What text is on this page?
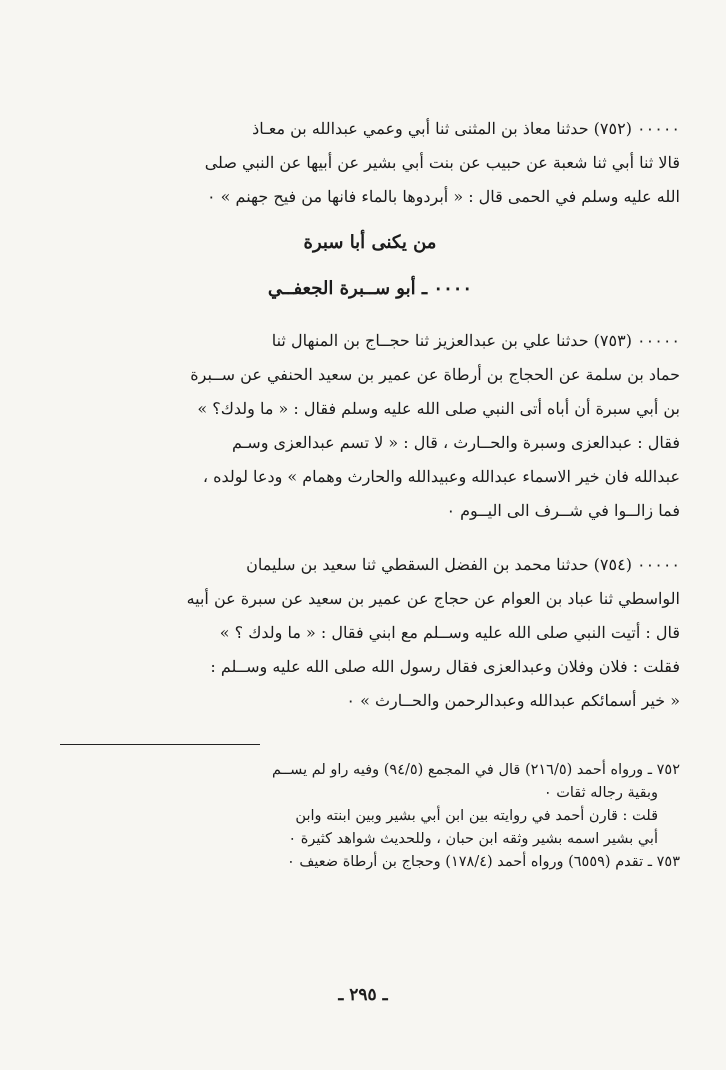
٠٠٠٠٠ (٧٥٢) حدثنا معاذ بن المثنى ثنا أبي وعمي عبدالله بن معـاذ

قالا ثنا أبي ثنا شعبة عن حبيب عن بنت أبي بشير عن أبيها عن النبي صلى

الله عليه وسلم في الحمى قال : « أبردوها بالماء فانها من فيح جهنم » ٠

من يكنى أبا سبرة
٠٠٠٠ ـ أبو ســبرة الجعفــي

٠٠٠٠٠ (٧٥٣) حدثنا علي بن عبدالعزيز ثنا حجــاج بن المنهال ثنا

حماد بن سلمة عن الحجاج بن أرطاة عن عمير بن سعيد الحنفي عن ســبرة

بن أبي سبرة أن أباه أتى النبي صلى الله عليه وسلم فقال : « ما ولدك؟ »

فقال : عبدالعزى وسبرة والحــارث ، قال : « لا تسم عبدالعزى وسـم

عبدالله فان خير الاسماء عبدالله وعبيدالله والحارث وهمام » ودعا لولده ،

فما زالــوا في شــرف الى اليــوم ٠

٠٠٠٠٠ (٧٥٤) حدثنا محمد بن الفضل السقطي ثنا سعيد بن سليمان

الواسطي ثنا عباد بن العوام عن حجاج عن عمير بن سعيد عن سبرة عن أبيه

قال : أتيت النبي صلى الله عليه وســلم مع ابني فقال : « ما ولدك ؟ »

فقلت : فلان وفلان وعبدالعزى فقال رسول الله صلى الله عليه وســلم :

« خير أسمائكم عبدالله وعبدالرحمن والحــارث » ٠

٧٥٢ ـ ورواه أحمد (٢١٦/٥) قال في المجمع (٩٤/٥) وفيه راو لم يســم

وبقية رجاله ثقات ٠

قلت : قارن أحمد في روايته بين ابن أبي بشير وبين ابنته وابن

أبي بشير اسمه بشير وثقه ابن حبان ، وللحديث شواهد كثيرة ٠

٧٥٣ ـ تقدم (٦٥٥٩) ورواه أحمد (١٧٨/٤) وحجاج بن أرطاة ضعيف ٠

ـ ٢٩٥ ـ
